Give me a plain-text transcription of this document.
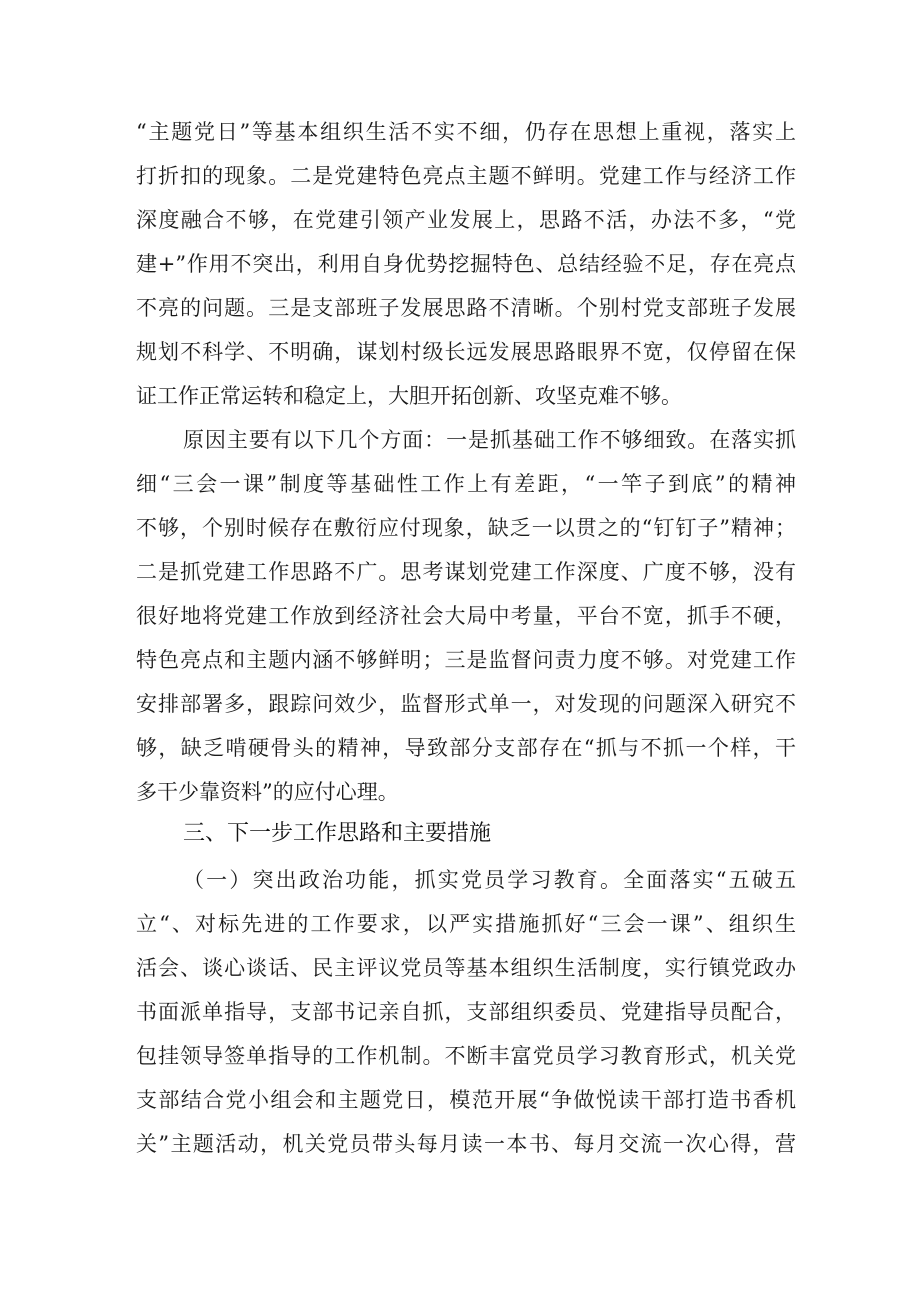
“主题党日”等基本组织生活不实不细，仍存在思想上重视，落实上
打折扣的现象。二是党建特色亮点主题不鲜明。党建工作与经济工作
深度融合不够，在党建引领产业发展上，思路不活，办法不多，“党
建+”作用不突出，利用自身优势挖掘特色、总结经验不足，存在亮点
不亮的问题。三是支部班子发展思路不清晰。个别村党支部班子发展
规划不科学、不明确，谋划村级长远发展思路眼界不宽，仅停留在保
证工作正常运转和稳定上，大胆开拓创新、攻坚克难不够。
原因主要有以下几个方面：一是抓基础工作不够细致。在落实抓
细“三会一课”制度等基础性工作上有差距，“一竿子到底”的精神
不够，个别时候存在敷衍应付现象，缺乏一以贯之的“钉钉子”精神；
二是抓党建工作思路不广。思考谋划党建工作深度、广度不够，没有
很好地将党建工作放到经济社会大局中考量，平台不宽，抓手不硬，
特色亮点和主题内涵不够鲜明；三是监督问责力度不够。对党建工作
安排部署多，跟踪问效少，监督形式单一，对发现的问题深入研究不
够，缺乏啃硬骨头的精神，导致部分支部存在“抓与不抓一个样，干
多干少靠资料”的应付心理。
三、下一步工作思路和主要措施
（一）突出政治功能，抓实党员学习教育。全面落实“五破五
立“、对标先进的工作要求，以严实措施抓好“三会一课”、组织生
活会、谈心谈话、民主评议党员等基本组织生活制度，实行镇党政办
书面派单指导，支部书记亲自抓，支部组织委员、党建指导员配合，
包挂领导签单指导的工作机制。不断丰富党员学习教育形式，机关党
支部结合党小组会和主题党日，模范开展“争做悦读干部打造书香机
关”主题活动，机关党员带头每月读一本书、每月交流一次心得，营
